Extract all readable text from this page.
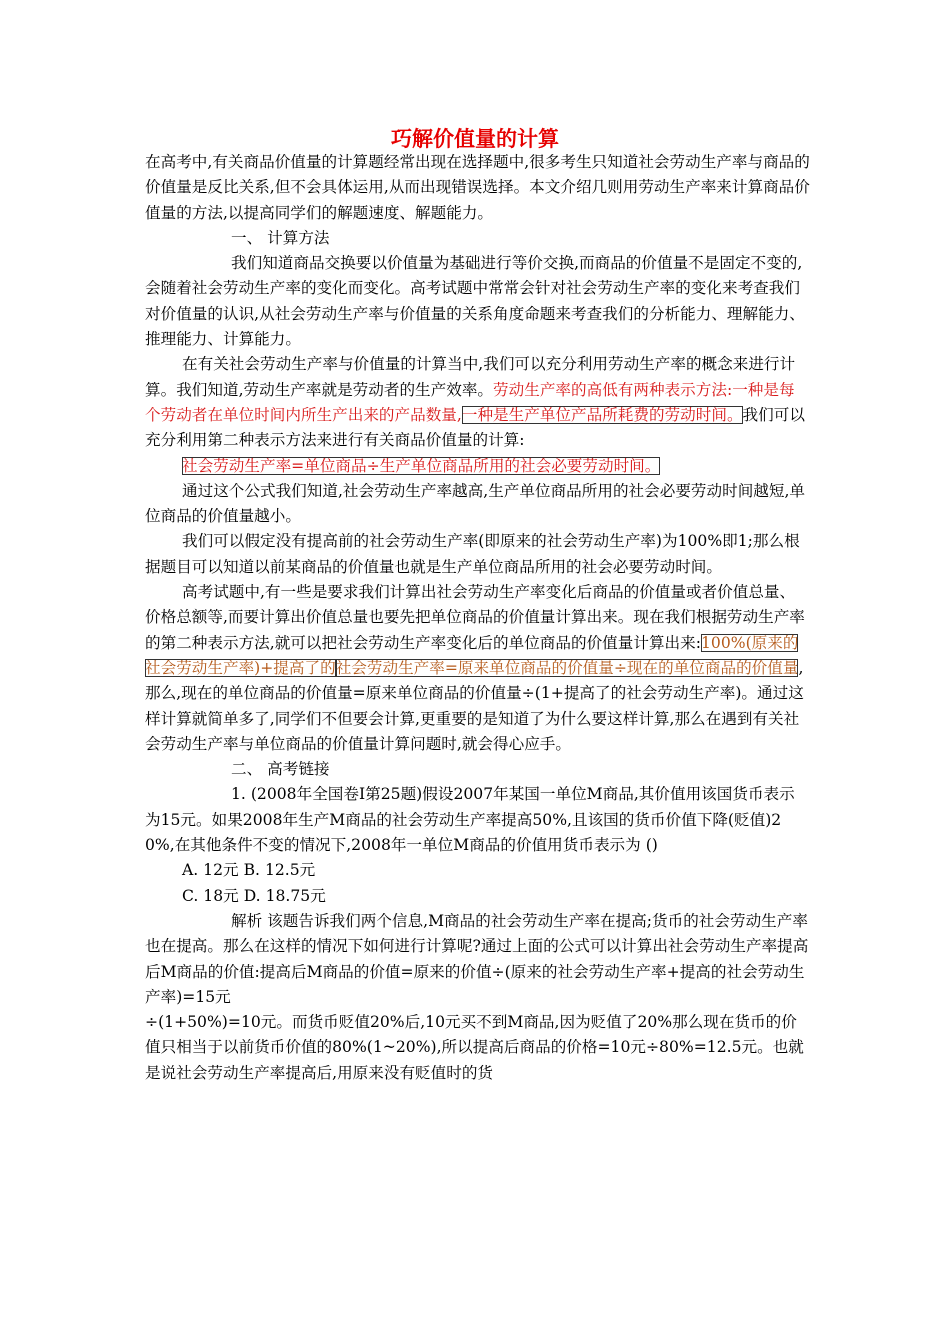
巧解价值量的计算

在高考中,有关商品价值量的计算题经常出现在选择题中,很多考生只知道社会劳动生产率与商品的价值量是反比关系,但不会具体运用,从而出现错误选择。本文介绍几则用劳动生产率来计算商品价值量的方法,以提高同学们的解题速度、解题能力。

一、 计算方法

我们知道商品交换要以价值量为基础进行等价交换,而商品的价值量不是固定不变的,会随着社会劳动生产率的变化而变化。高考试题中常常会针对社会劳动生产率的变化来考查我们对价值量的认识,从社会劳动生产率与价值量的关系角度命题来考查我们的分析能力、理解能力、推理能力、计算能力。

在有关社会劳动生产率与价值量的计算当中,我们可以充分利用劳动生产率的概念来进行计算。我们知道,劳动生产率就是劳动者的生产效率。劳动生产率的高低有两种表示方法:一种是每个劳动者在单位时间内所生产出来的产品数量,一种是生产单位产品所耗费的劳动时间。我们可以充分利用第二种表示方法来进行有关商品价值量的计算:

社会劳动生产率=单位商品÷生产单位商品所用的社会必要劳动时间。

通过这个公式我们知道,社会劳动生产率越高,生产单位商品所用的社会必要劳动时间越短,单位商品的价值量越小。

我们可以假定没有提高前的社会劳动生产率(即原来的社会劳动生产率)为100%即1;那么根据题目可以知道以前某商品的价值量也就是生产单位商品所用的社会必要劳动时间。

高考试题中,有一些是要求我们计算出社会劳动生产率变化后商品的价值量或者价值总量、价格总额等,而要计算出价值总量也要先把单位商品的价值量计算出来。现在我们根据劳动生产率的第二种表示方法,就可以把社会劳动生产率变化后的单位商品的价值量计算出来:100%(原来的社会劳动生产率)+提高了的社会劳动生产率=原来单位商品的价值量÷现在的单位商品的价值量,那么,现在的单位商品的价值量=原来单位商品的价值量÷(1+提高了的社会劳动生产率)。通过这样计算就简单多了,同学们不但要会计算,更重要的是知道了为什么要这样计算,那么在遇到有关社会劳动生产率与单位商品的价值量计算问题时,就会得心应手。

二、 高考链接

1. (2008年全国卷Ⅰ第25题)假设2007年某国一单位M商品,其价值用该国货币表示为15元。如果2008年生产M商品的社会劳动生产率提高50%,且该国的货币价值下降(贬值)20%,在其他条件不变的情况下,2008年一单位M商品的价值用货币表示为 ()

A. 12元 B. 12.5元

C. 18元 D. 18.75元

解析 该题告诉我们两个信息,M商品的社会劳动生产率在提高;货币的社会劳动生产率也在提高。那么在这样的情况下如何进行计算呢?通过上面的公式可以计算出社会劳动生产率提高后M商品的价值:提高后M商品的价值=原来的价值÷(原来的社会劳动生产率+提高的社会劳动生产率)=15元

÷(1+50%)=10元。而货币贬值20%后,10元买不到M商品,因为贬值了20%那么现在货币的价值只相当于以前货币价值的80%(1~20%),所以提高后商品的价格=10元÷80%=12.5元。也就是说社会劳动生产率提高后,用原来没有贬值时的货
